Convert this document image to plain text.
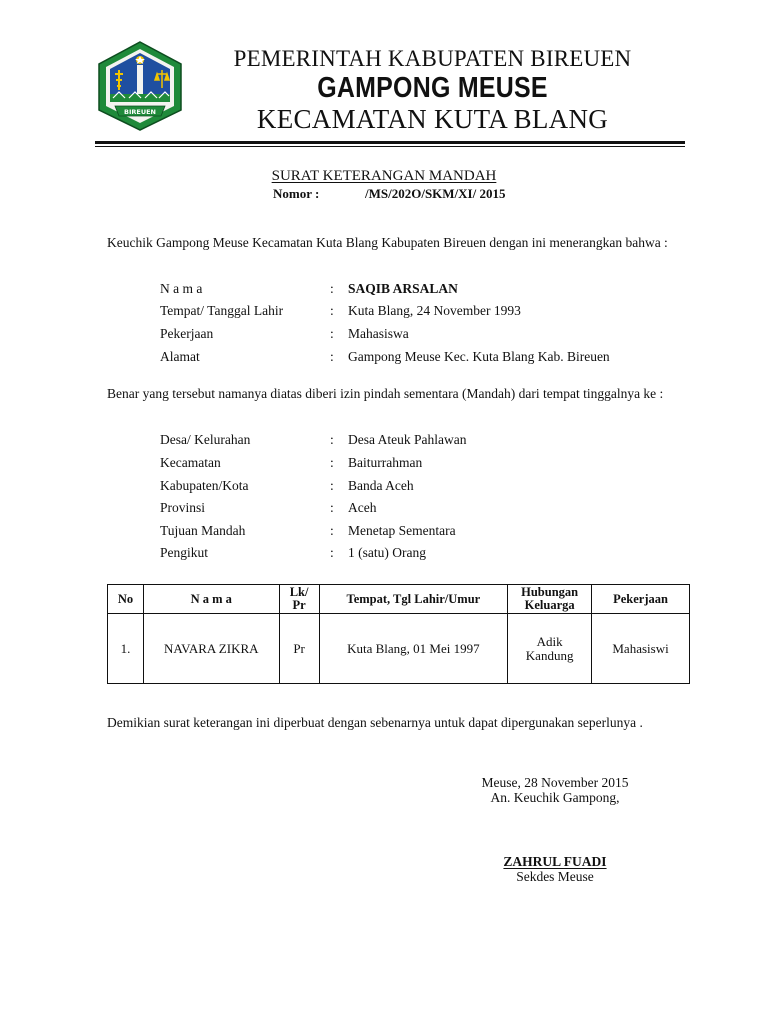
BIREUEN
PEMERINTAH KABUPATEN BIREUEN
GAMPONG MEUSE
KECAMATAN KUTA BLANG
SURAT KETERANGAN MANDAH
Nomor :	/MS/202O/SKM/XI/ 2015
Keuchik Gampong Meuse Kecamatan Kuta Blang Kabupaten Bireuen dengan ini menerangkan bahwa :
N a m a	: SAQIB ARSALAN
Tempat/ Tanggal Lahir	: Kuta Blang, 24 November 1993
Pekerjaan	: Mahasiswa
Alamat	: Gampong Meuse Kec. Kuta Blang Kab. Bireuen
Benar yang tersebut namanya diatas diberi izin pindah sementara (Mandah) dari tempat tinggalnya ke :
Desa/ Kelurahan	: Desa Ateuk Pahlawan
Kecamatan	: Baiturrahman
Kabupaten/Kota	: Banda Aceh
Provinsi	: Aceh
Tujuan Mandah	: Menetap Sementara
Pengikut	: 1 (satu) Orang
No	N a m a	Lk/ Pr	Tempat, Tgl Lahir/Umur	Hubungan Keluarga	Pekerjaan
1.	NAVARA ZIKRA	Pr	Kuta Blang, 01 Mei 1997	Adik Kandung	Mahasiswi
Demikian surat keterangan ini diperbuat dengan sebenarnya untuk dapat dipergunakan seperlunya .
Meuse, 28 November 2015
An. Keuchik Gampong,
ZAHRUL FUADI
Sekdes Meuse
